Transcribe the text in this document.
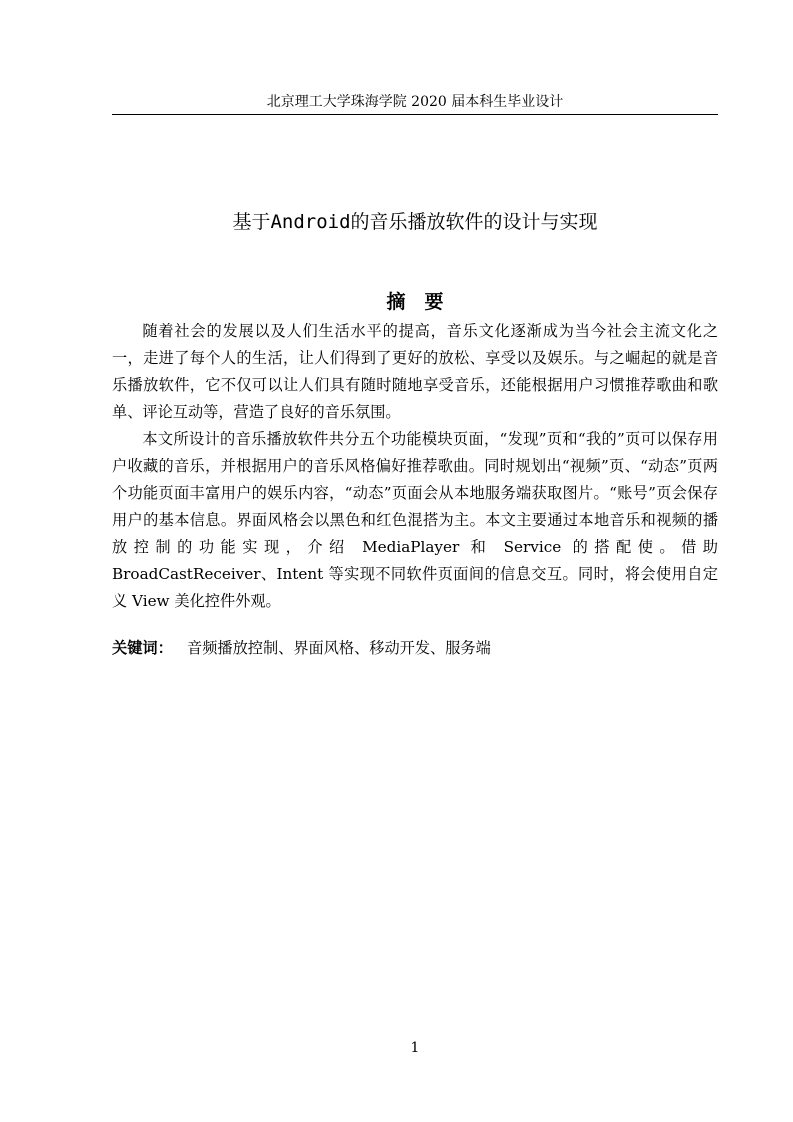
北京理工大学珠海学院 2020 届本科生毕业设计
基于Android的音乐播放软件的设计与实现
摘　要

随着社会的发展以及人们生活水平的提高，音乐文化逐渐成为当今社会主流文化之一，走进了每个人的生活，让人们得到了更好的放松、享受以及娱乐。与之崛起的就是音乐播放软件，它不仅可以让人们具有随时随地享受音乐，还能根据用户习惯推荐歌曲和歌单、评论互动等，营造了良好的音乐氛围。

本文所设计的音乐播放软件共分五个功能模块页面，“发现”页和“我的”页可以保存用户收藏的音乐，并根据用户的音乐风格偏好推荐歌曲。同时规划出“视频”页、“动态”页两个功能页面丰富用户的娱乐内容，“动态”页面会从本地服务端获取图片。“账号”页会保存用户的基本信息。界面风格会以黑色和红色混搭为主。本文主要通过本地音乐和视频的播放控制的功能实现，介绍 MediaPlayer 和 Service 的搭配使。借助 BroadCastReceiver、Intent 等实现不同软件页面间的信息交互。同时，将会使用自定义 View 美化控件外观。

关键词： 音频播放控制、界面风格、移动开发、服务端
1
